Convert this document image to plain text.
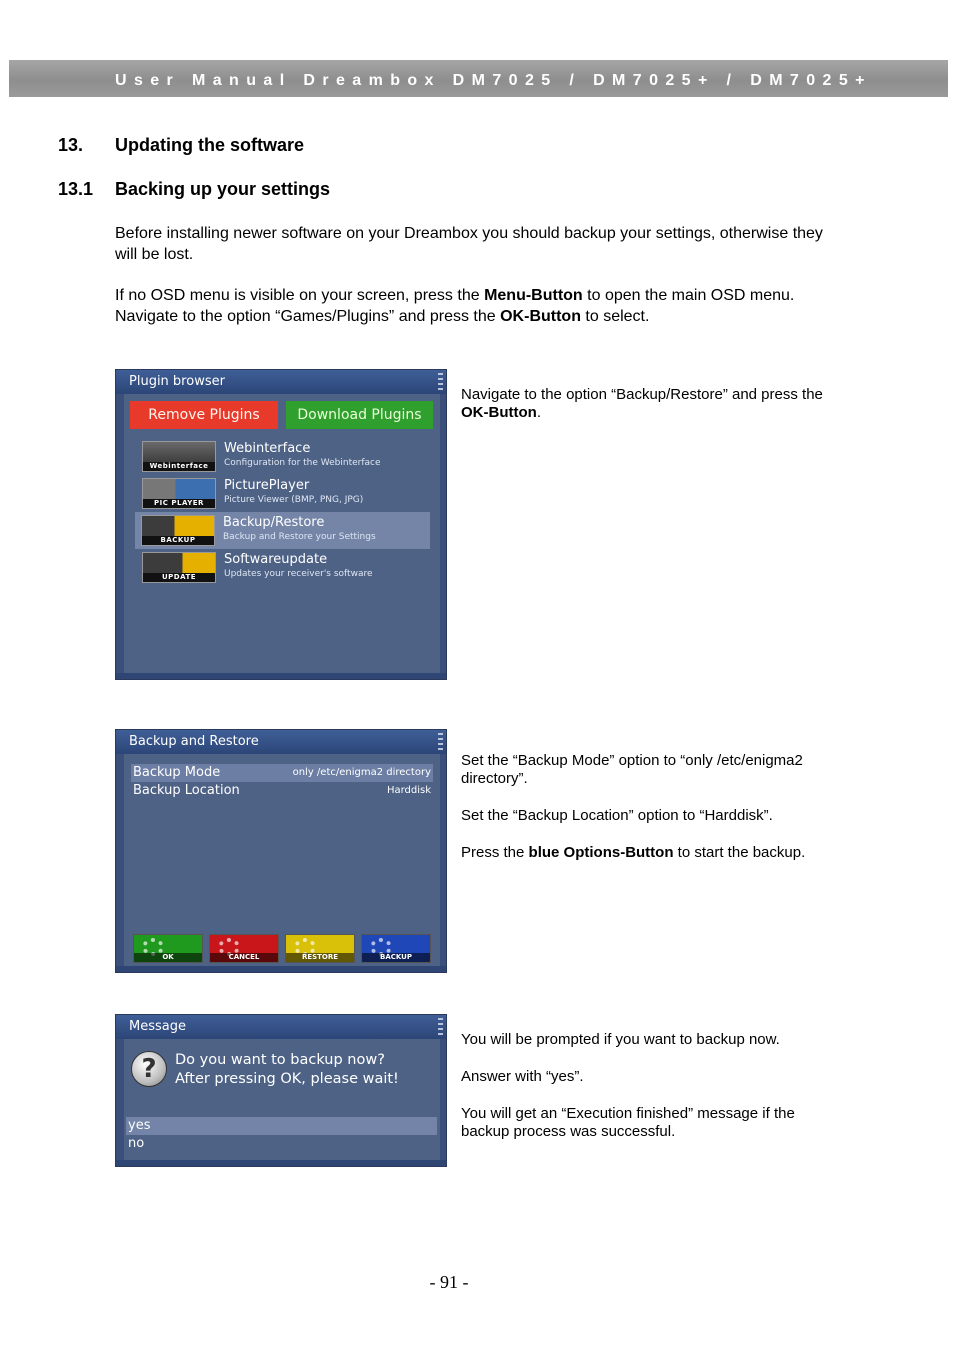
User Manual Dreambox DM7025 / DM7025+ / DM7025+
13. Updating the software
13.1 Backing up your settings

Before installing newer software on your Dreambox you should backup your settings, otherwise they will be lost.

If no OSD menu is visible on your screen, press the Menu-Button to open the main OSD menu. Navigate to the option “Games/Plugins” and press the OK-Button to select.

Plugin browser
Remove Plugins	Download Plugins
Webinterface
Webinterface
Configuration for the Webinterface
PIC PLAYER
PicturePlayer
Picture Viewer (BMP, PNG, JPG)
BACKUP
Backup/Restore
Backup and Restore your Settings
UPDATE
Softwareupdate
Updates your receiver's software

Navigate to the option “Backup/Restore” and press the OK-Button.

Backup and Restore
Backup Mode	only /etc/enigma2 directory
Backup Location	Harddisk
OK	CANCEL	RESTORE	BACKUP

Set the “Backup Mode” option to “only /etc/enigma2 directory”.

Set the “Backup Location” option to “Harddisk”.

Press the blue Options-Button to start the backup.

Message
?	Do you want to backup now?
After pressing OK, please wait!
yes
no

You will be prompted if you want to backup now.

Answer with “yes”.

You will get an “Execution finished” message if the backup process was successful.

- 91 -
